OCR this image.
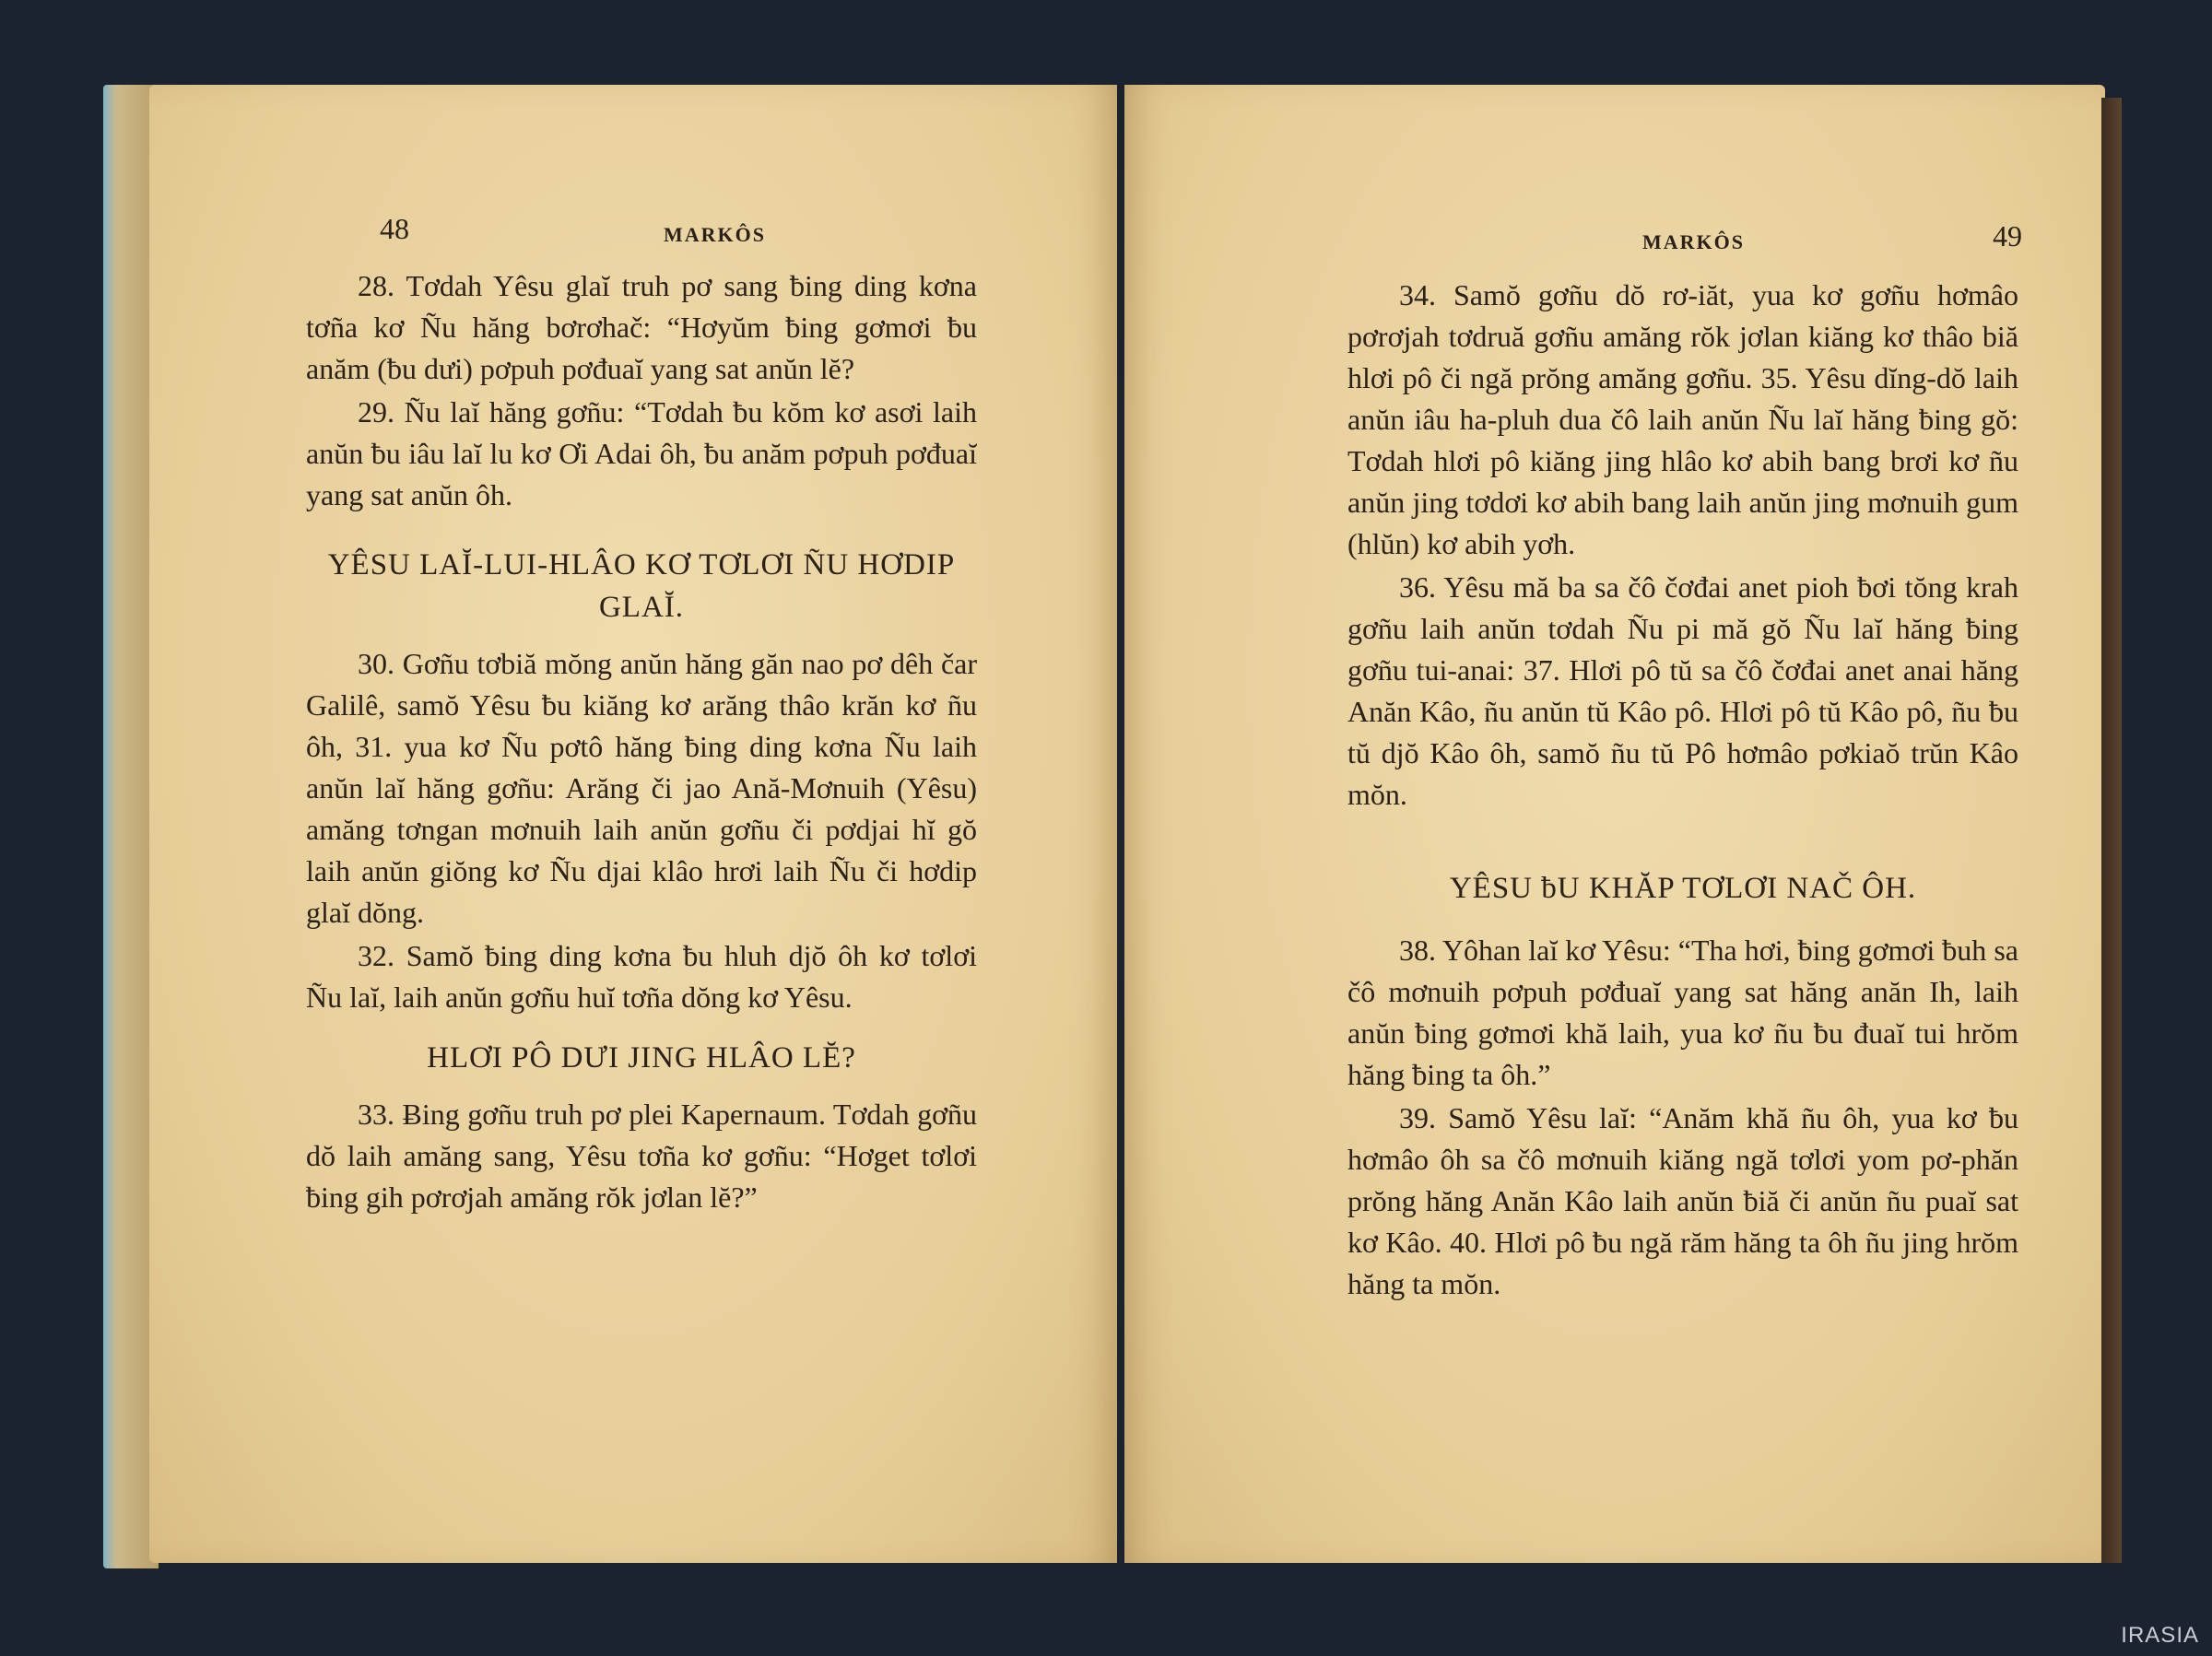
48	MARKÔS

28. Tơdah Yêsu glaĭ truh pơ sang ƀing ding kơna tơña kơ Ñu hăng bơrơhač: “Hơyŭm ƀing gơmơi ƀu anăm (ƀu dưi) pơpuh pơđuaĭ yang sat anŭn lĕ?

29. Ñu laĭ hăng gơñu: “Tơdah ƀu kŏm kơ asơi laih anŭn ƀu iâu laĭ lu kơ Ơi Adai ôh, ƀu anăm pơpuh pơđuaĭ yang sat anŭn ôh.

YÊSU LAĬ-LUI-HLÂO KƠ TƠLƠI ÑU HƠDIP GLAĬ.

30. Gơñu tơbiă mŏng anŭn hăng găn nao pơ dêh čar Galilê, samŏ Yêsu ƀu kiăng kơ arăng thâo krăn kơ ñu ôh, 31. yua kơ Ñu pơtô hăng ƀing ding kơna Ñu laih anŭn laĭ hăng gơñu: Arăng či jao Ană-Mơnuih (Yêsu) amăng tơngan mơnuih laih anŭn gơñu či pơdjai hĭ gŏ laih anŭn giŏng kơ Ñu djai klâo hrơi laih Ñu či hơdip glaĭ dŏng.

32. Samŏ ƀing ding kơna ƀu hluh djŏ ôh kơ tơlơi Ñu laĭ, laih anŭn gơñu huĭ tơña dŏng kơ Yêsu.

HLƠI PÔ DƯI JING HLÂO LĔ?

33. Ƀing gơñu truh pơ plei Kapernaum. Tơdah gơñu dŏ laih amăng sang, Yêsu tơña kơ gơñu: “Hơget tơlơi ƀing gih pơrơjah amăng rŏk jơlan lĕ?”

MARKÔS	49

34. Samŏ gơñu dŏ rơ-iăt, yua kơ gơñu hơmâo pơrơjah tơdruă gơñu amăng rŏk jơlan kiăng kơ thâo biă hlơi pô či ngă prŏng amăng gơñu. 35. Yêsu dĭng-dŏ laih anŭn iâu ha-pluh dua čô laih anŭn Ñu laĭ hăng ƀing gŏ: Tơdah hlơi pô kiăng jing hlâo kơ abih bang brơi kơ ñu anŭn jing tơdơi kơ abih bang laih anŭn jing mơnuih gum (hlŭn) kơ abih yơh.

36. Yêsu mă ba sa čô čơđai anet pioh ƀơi tŏng krah gơñu laih anŭn tơdah Ñu pi mă gŏ Ñu laĭ hăng ƀing gơñu tui-anai: 37. Hlơi pô tŭ sa čô čơđai anet anai hăng Anăn Kâo, ñu anŭn tŭ Kâo pô. Hlơi pô tŭ Kâo pô, ñu ƀu tŭ djŏ Kâo ôh, samŏ ñu tŭ Pô hơmâo pơkiaŏ trŭn Kâo mŏn.

YÊSU ƀU KHĂP TƠLƠI NAČ ÔH.

38. Yôhan laĭ kơ Yêsu: “Tha hơi, ƀing gơmơi ƀuh sa čô mơnuih pơpuh pơđuaĭ yang sat hăng anăn Ih, laih anŭn ƀing gơmơi khă laih, yua kơ ñu ƀu đuaĭ tui hrŏm hăng ƀing ta ôh.”

39. Samŏ Yêsu laĭ: “Anăm khă ñu ôh, yua kơ ƀu hơmâo ôh sa čô mơnuih kiăng ngă tơlơi yom pơ-phăn prŏng hăng Anăn Kâo laih anŭn ƀiă či anŭn ñu puaĭ sat kơ Kâo. 40. Hlơi pô ƀu ngă răm hăng ta ôh ñu jing hrŏm hăng ta mŏn.

IRASIA
